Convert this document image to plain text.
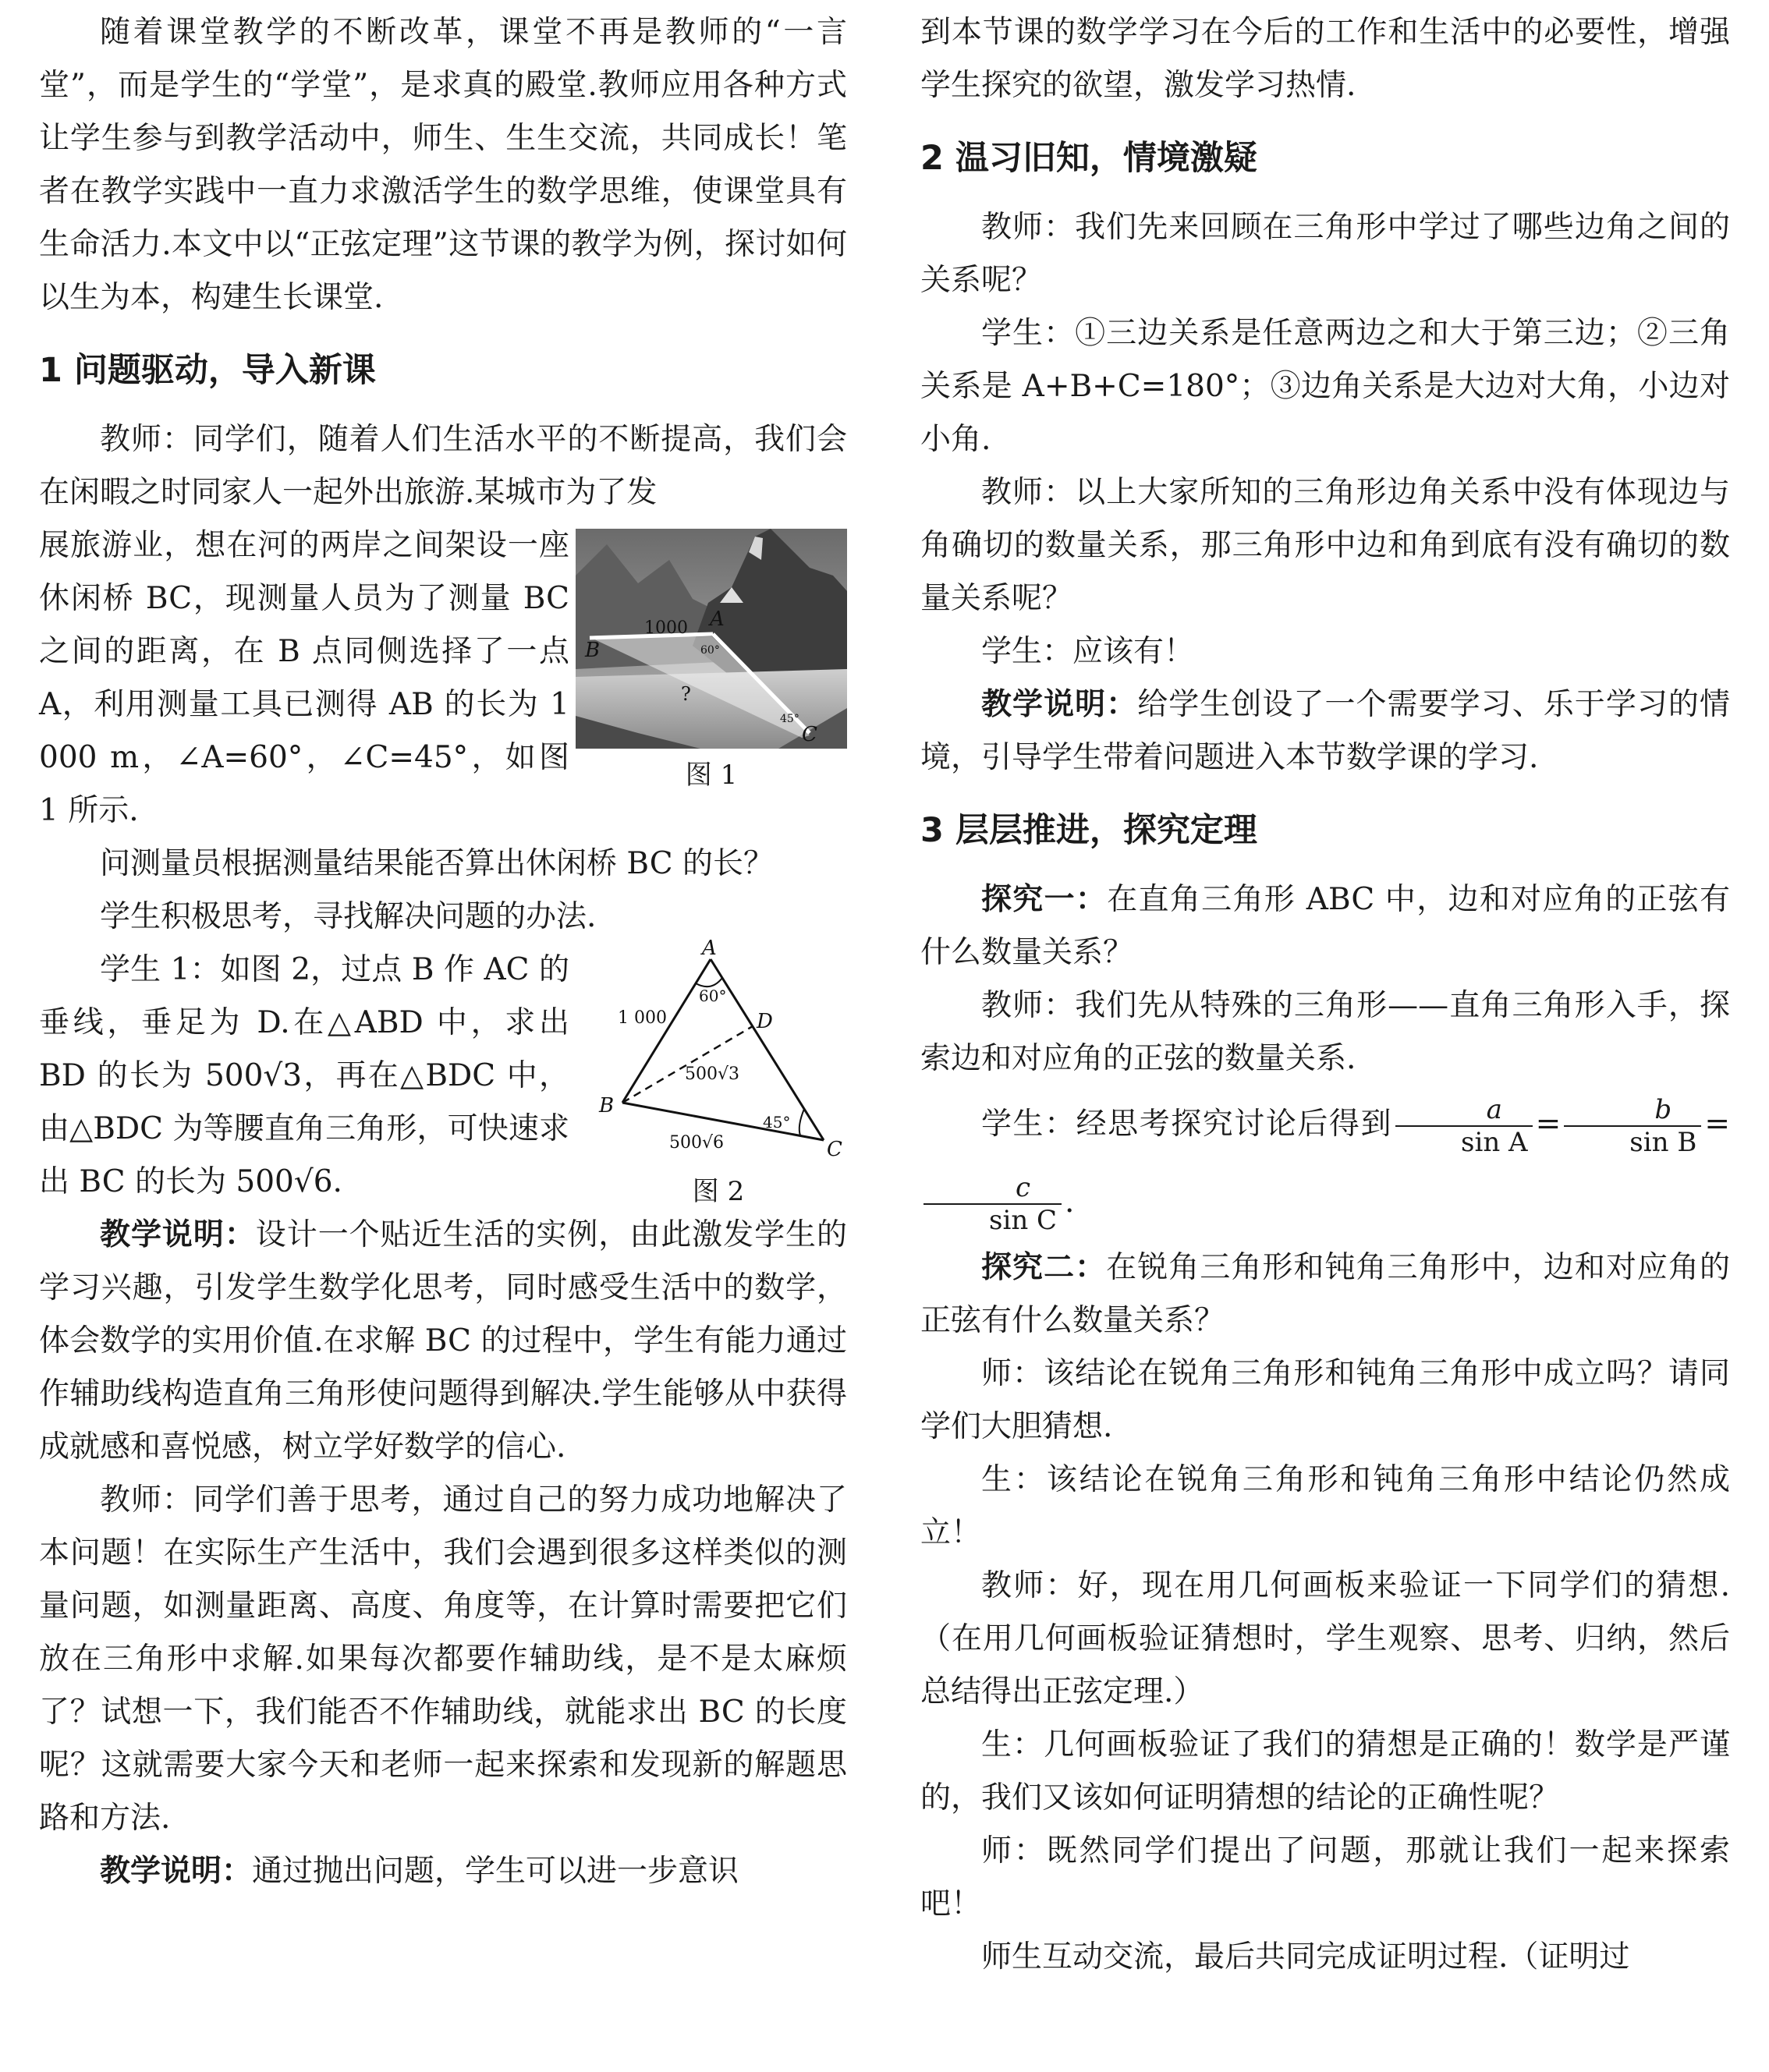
随着课堂教学的不断改革，课堂不再是教师的“一言堂”，而是学生的“学堂”，是求真的殿堂.教师应用各种方式让学生参与到教学活动中，师生、生生交流，共同成长！笔者在教学实践中一直力求激活学生的数学思维，使课堂具有生命活力.本文中以“正弦定理”这节课的教学为例，探讨如何以生为本，构建生长课堂.

1 问题驱动，导入新课

教师：同学们，随着人们生活水平的不断提高，我们会在闲暇之时同家人一起外出旅游.某城市为了发

B
A
C
1000
60°
45°
?
图 1

展旅游业，想在河的两岸之间架设一座休闲桥 BC，现测量人员为了测量 BC 之间的距离，在 B 点同侧选择了一点 A，利用测量工具已测得 AB 的长为 1 000 m，∠A=60°，∠C=45°，如图 1 所示.

问测量员根据测量结果能否算出休闲桥 BC 的长？

学生积极思考，寻找解决问题的办法.

A
B
C
D
1 000
500√3
500√6
60°
45°
图 2

学生 1：如图 2，过点 B 作 AC 的垂线，垂足为 D.在△ABD 中，求出 BD 的长为 500√3，再在△BDC 中，由△BDC 为等腰直角三角形，可快速求出 BC 的长为 500√6.

教学说明：设计一个贴近生活的实例，由此激发学生的学习兴趣，引发学生数学化思考，同时感受生活中的数学，体会数学的实用价值.在求解 BC 的过程中，学生有能力通过作辅助线构造直角三角形使问题得到解决.学生能够从中获得成就感和喜悦感，树立学好数学的信心.

教师：同学们善于思考，通过自己的努力成功地解决了本问题！在实际生产生活中，我们会遇到很多这样类似的测量问题，如测量距离、高度、角度等，在计算时需要把它们放在三角形中求解.如果每次都要作辅助线，是不是太麻烦了？试想一下，我们能否不作辅助线，就能求出 BC 的长度呢？这就需要大家今天和老师一起来探索和发现新的解题思路和方法.

教学说明：通过抛出问题，学生可以进一步意识

到本节课的数学学习在今后的工作和生活中的必要性，增强学生探究的欲望，激发学习热情.

2 温习旧知，情境激疑

教师：我们先来回顾在三角形中学过了哪些边角之间的关系呢？

学生：①三边关系是任意两边之和大于第三边；②三角关系是 A+B+C=180°；③边角关系是大边对大角，小边对小角.

教师：以上大家所知的三角形边角关系中没有体现边与角确切的数量关系，那三角形中边和角到底有没有确切的数量关系呢？

学生：应该有！

教学说明：给学生创设了一个需要学习、乐于学习的情境，引导学生带着问题进入本节数学课的学习.

3 层层推进，探究定理

探究一：在直角三角形 ABC 中，边和对应角的正弦有什么数量关系？

教师：我们先从特殊的三角形——直角三角形入手，探索边和对应角的正弦的数量关系.

学生：经思考探究讨论后得到 $\frac{a}{\text{sin A}} = \frac{b}{\text{sin B}}$ =
$\frac{c}{\text{sin C}}$ .

探究二：在锐角三角形和钝角三角形中，边和对应角的正弦有什么数量关系？

师：该结论在锐角三角形和钝角三角形中成立吗？请同学们大胆猜想.

生：该结论在锐角三角形和钝角三角形中结论仍然成立！

教师：好，现在用几何画板来验证一下同学们的猜想.（在用几何画板验证猜想时，学生观察、思考、归纳，然后总结得出正弦定理.）

生：几何画板验证了我们的猜想是正确的！数学是严谨的，我们又该如何证明猜想的结论的正确性呢？

师：既然同学们提出了问题，那就让我们一起来探索吧！

师生互动交流，最后共同完成证明过程.（证明过
